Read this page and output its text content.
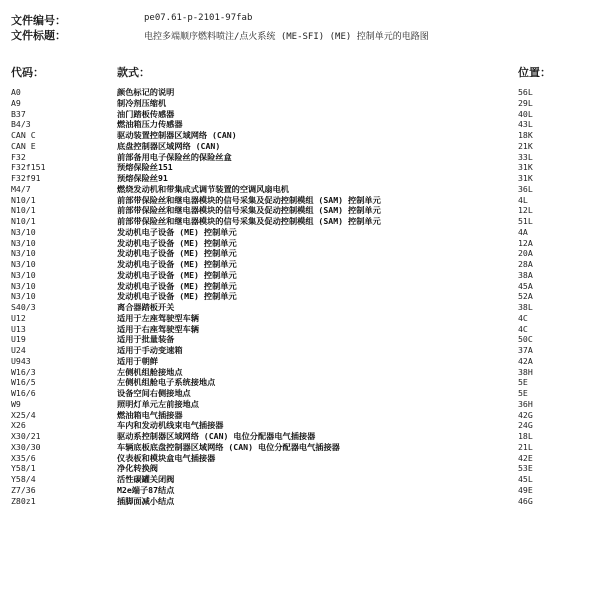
文件编号：	pe07.61-p-2101-97fab
文件标题：	电控多端顺序燃料喷注/点火系统 (ME-SFI) (ME) 控制单元的电路图
代码：	款式：	位置：
A0	颜色标记的说明	56L
A9	制冷剂压缩机	29L
B37	油门踏板传感器	40L
B4/3	燃油箱压力传感器	43L
CAN C	驱动装置控制器区域网络 (CAN)	18K
CAN E	底盘控制器区域网络 (CAN)	21K
F32	前部备用电子保险丝的保险丝盒	33L
F32f151	预熔保险丝151	31K
F32f91	预熔保险丝91	31K
M4/7	燃烧发动机和带集成式调节装置的空调风扇电机	36L
N10/1	前部带保险丝和继电器模块的信号采集及促动控制模组 (SAM) 控制单元	4L
N10/1	前部带保险丝和继电器模块的信号采集及促动控制模组 (SAM) 控制单元	12L
N10/1	前部带保险丝和继电器模块的信号采集及促动控制模组 (SAM) 控制单元	51L
N3/10	发动机电子设备 (ME) 控制单元	4A
N3/10	发动机电子设备 (ME) 控制单元	12A
N3/10	发动机电子设备 (ME) 控制单元	20A
N3/10	发动机电子设备 (ME) 控制单元	28A
N3/10	发动机电子设备 (ME) 控制单元	38A
N3/10	发动机电子设备 (ME) 控制单元	45A
N3/10	发动机电子设备 (ME) 控制单元	52A
S40/3	离合器踏板开关	38L
U12	适用于左座驾驶型车辆	4C
U13	适用于右座驾驶型车辆	4C
U19	适用于批量装备	50C
U24	适用于手动变速箱	37A
U943	适用于朝鲜	42A
W16/3	左侧机组舱接地点	38H
W16/5	左侧机组舱电子系统接地点	5E
W16/6	设备空间右侧接地点	5E
W9	照明灯单元左前接地点	36H
X25/4	燃油箱电气插接器	42G
X26	车内和发动机线束电气插接器	24G
X30/21	驱动系控制器区域网络 (CAN) 电位分配器电气插接器	18L
X30/30	车辆底板底盘控制器区域网络 (CAN) 电位分配器电气插接器	21L
X35/6	仪表板和模块盒电气插接器	42E
Y58/1	净化转换阀	53E
Y58/4	活性碳罐关闭阀	45L
Z7/36	M2e端子87结点	49E
Z80z1	插脚面减小结点	46G
